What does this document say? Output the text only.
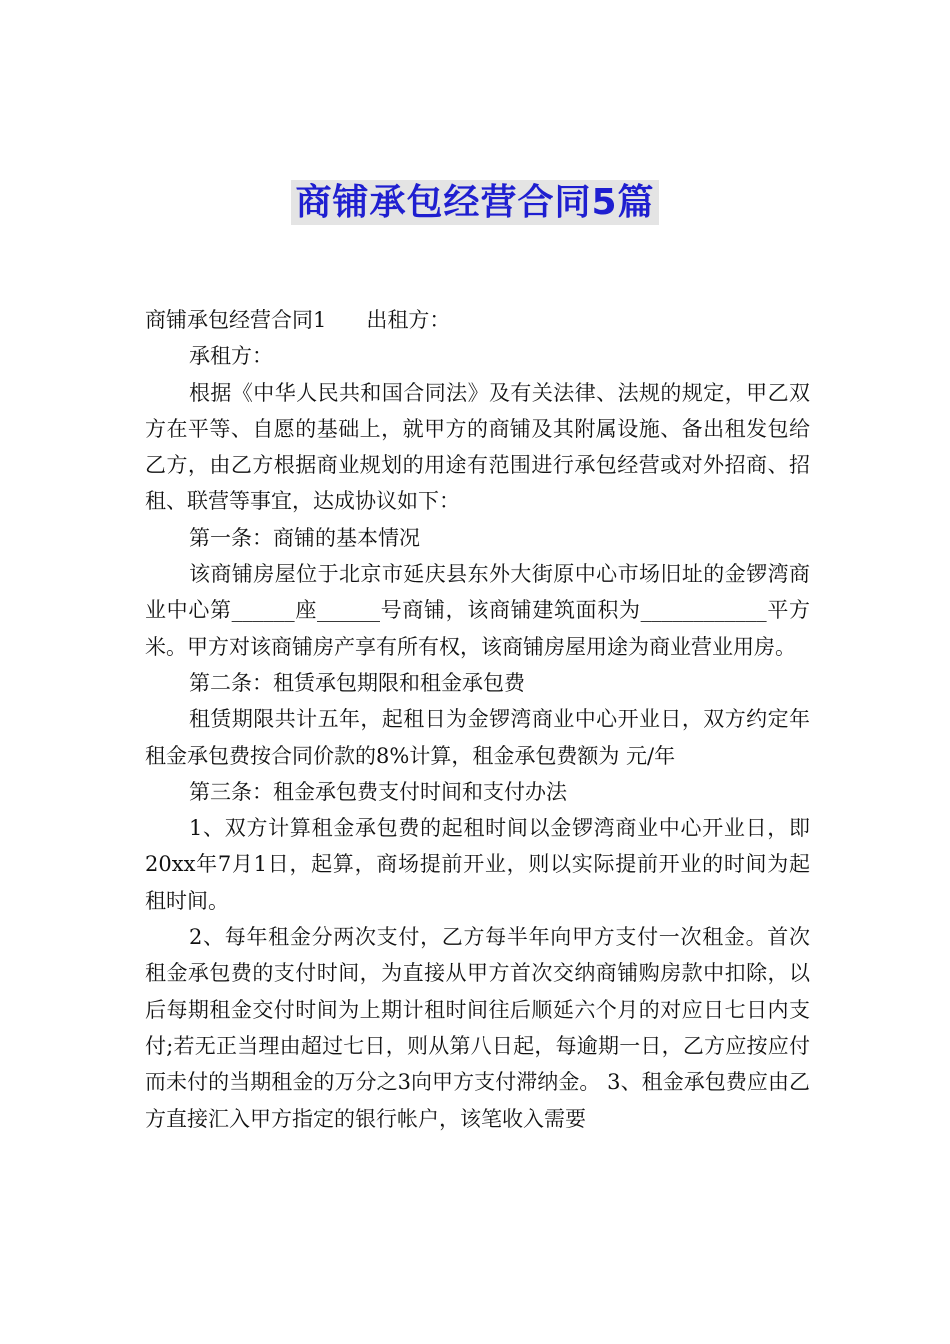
商铺承包经营合同5篇

商铺承包经营合同1 出租方：

承租方：

根据《中华人民共和国合同法》及有关法律、法规的规定，甲乙双方在平等、自愿的基础上，就甲方的商铺及其附属设施、备出租发包给乙方，由乙方根据商业规划的用途有范围进行承包经营或对外招商、招租、联营等事宜，达成协议如下：

第一条：商铺的基本情况

该商铺房屋位于北京市延庆县东外大街原中心市场旧址的金锣湾商业中心第______座______号商铺，该商铺建筑面积为____________平方米。甲方对该商铺房产享有所有权，该商铺房屋用途为商业营业用房。

第二条：租赁承包期限和租金承包费

租赁期限共计五年，起租日为金锣湾商业中心开业日，双方约定年租金承包费按合同价款的8%计算，租金承包费额为 元/年

第三条：租金承包费支付时间和支付办法

1、双方计算租金承包费的起租时间以金锣湾商业中心开业日，即20xx年7月1日，起算，商场提前开业，则以实际提前开业的时间为起租时间。

2、每年租金分两次支付，乙方每半年向甲方支付一次租金。首次租金承包费的支付时间，为直接从甲方首次交纳商铺购房款中扣除，以后每期租金交付时间为上期计租时间往后顺延六个月的对应日七日内支付;若无正当理由超过七日，则从第八日起，每逾期一日，乙方应按应付而未付的当期租金的万分之3向甲方支付滞纳金。 3、租金承包费应由乙方直接汇入甲方指定的银行帐户，该笔收入需要
